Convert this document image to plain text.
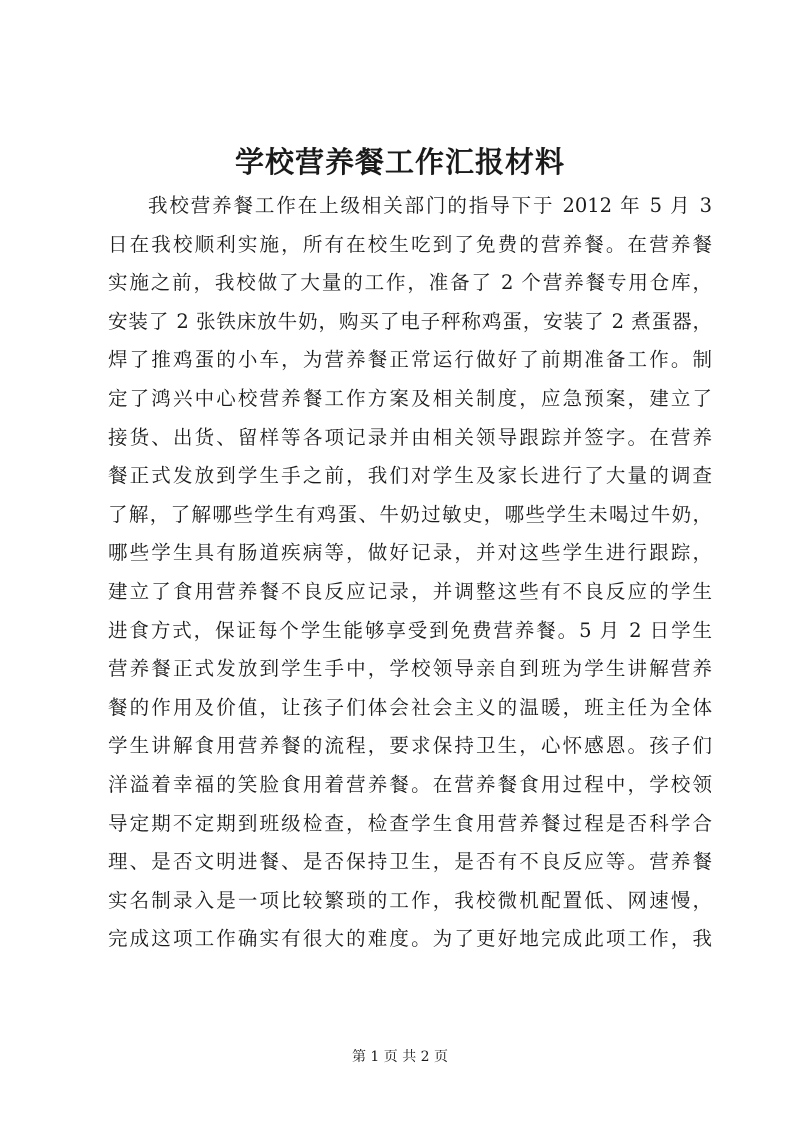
学校营养餐工作汇报材料
我校营养餐工作在上级相关部门的指导下于 2012 年 5 月 3
日在我校顺利实施，所有在校生吃到了免费的营养餐。在营养餐
实施之前，我校做了大量的工作，准备了 2 个营养餐专用仓库，
安装了 2 张铁床放牛奶，购买了电子秤称鸡蛋，安装了 2 煮蛋器，
焊了推鸡蛋的小车，为营养餐正常运行做好了前期准备工作。制
定了鸿兴中心校营养餐工作方案及相关制度，应急预案，建立了
接货、出货、留样等各项记录并由相关领导跟踪并签字。在营养
餐正式发放到学生手之前，我们对学生及家长进行了大量的调查
了解，了解哪些学生有鸡蛋、牛奶过敏史，哪些学生未喝过牛奶，
哪些学生具有肠道疾病等，做好记录，并对这些学生进行跟踪，
建立了食用营养餐不良反应记录，并调整这些有不良反应的学生
进食方式，保证每个学生能够享受到免费营养餐。5 月 2 日学生
营养餐正式发放到学生手中，学校领导亲自到班为学生讲解营养
餐的作用及价值，让孩子们体会社会主义的温暖，班主任为全体
学生讲解食用营养餐的流程，要求保持卫生，心怀感恩。孩子们
洋溢着幸福的笑脸食用着营养餐。在营养餐食用过程中，学校领
导定期不定期到班级检查，检查学生食用营养餐过程是否科学合
理、是否文明进餐、是否保持卫生，是否有不良反应等。营养餐
实名制录入是一项比较繁琐的工作，我校微机配置低、网速慢，
完成这项工作确实有很大的难度。为了更好地完成此项工作，我
第 1 页 共 2 页
